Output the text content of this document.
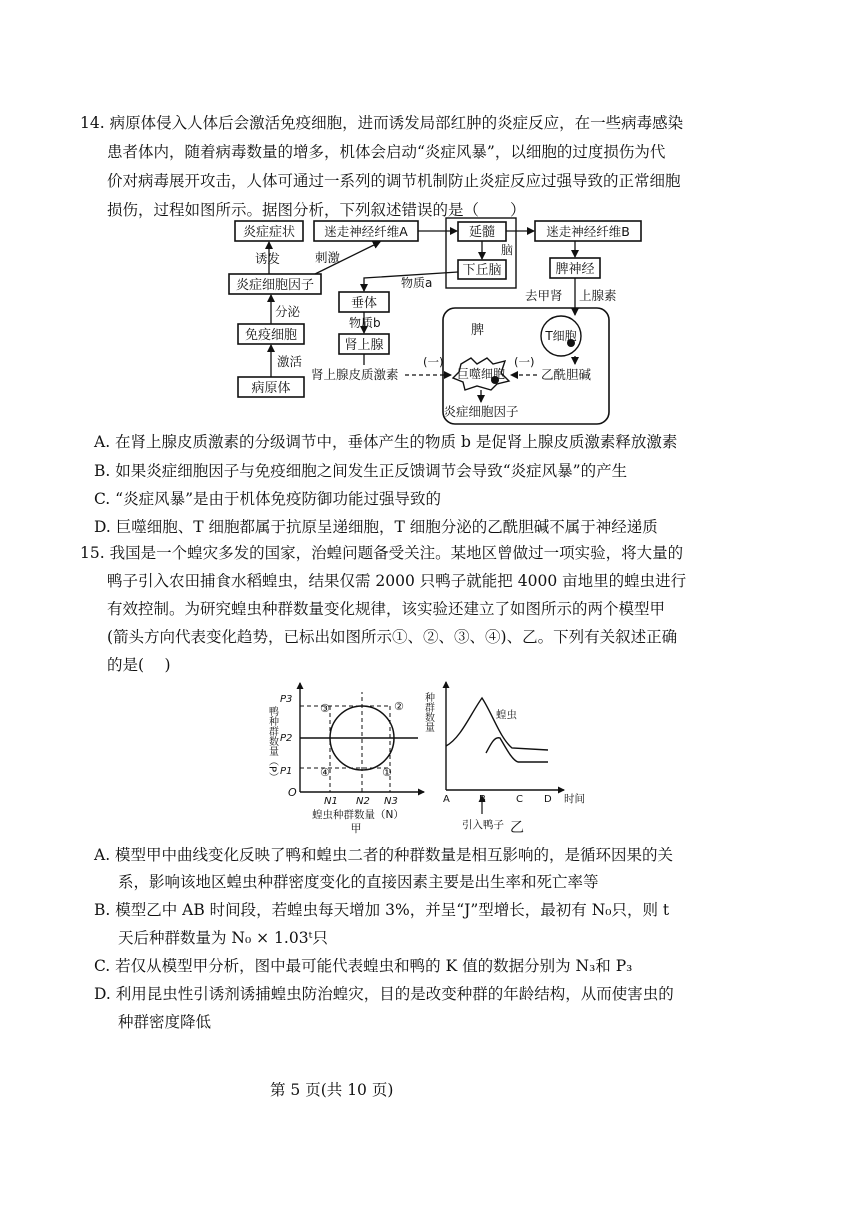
14. 病原体侵入人体后会激活免疫细胞，进而诱发局部红肿的炎症反应，在一些病毒感染
患者体内，随着病毒数量的增多，机体会启动“炎症风暴”，以细胞的过度损伤为代
价对病毒展开攻击，人体可通过一系列的调节机制防止炎症反应过强导致的正常细胞
损伤，过程如图所示。据图分析，下列叙述错误的是（　　）
炎症症状
诱发
炎症细胞因子
分泌
免疫细胞
激活
病原体
刺激
迷走神经纤维A	延髓
脑
下丘脑
迷走神经纤维B
脾神经
去甲肾 上腺素
物质a
垂体
物质b
肾上腺
肾上腺皮质激素
(一)
脾	T细胞
巨噬细胞
(一)
乙酰胆碱
炎症细胞因子
A. 在肾上腺皮质激素的分级调节中，垂体产生的物质 b 是促肾上腺皮质激素释放激素
B. 如果炎症细胞因子与免疫细胞之间发生正反馈调节会导致“炎症风暴”的产生
C. “炎症风暴”是由于机体免疫防御功能过强导致的
D. 巨噬细胞、T 细胞都属于抗原呈递细胞，T 细胞分泌的乙酰胆碱不属于神经递质
15. 我国是一个蝗灾多发的国家，治蝗问题备受关注。某地区曾做过一项实验，将大量的
鸭子引入农田捕食水稻蝗虫，结果仅需 2000 只鸭子就能把 4000 亩地里的蝗虫进行
有效控制。为研究蝗虫种群数量变化规律，该实验还建立了如图所示的两个模型甲
(箭头方向代表变化趋势，已标出如图所示①、②、③、④)、乙。下列有关叙述正确
的是(　 )
鸭种群数量（P）
P3
P2
P1
O
N1 N2 N3
④
②
③
①
蝗虫种群数量（N）
甲
种群数量	蝗虫
A	B	C D 时间
引入鸭子 乙
A. 模型甲中曲线变化反映了鸭和蝗虫二者的种群数量是相互影响的，是循环因果的关
系，影响该地区蝗虫种群密度变化的直接因素主要是出生率和死亡率等
B. 模型乙中 AB 时间段，若蝗虫每天增加 3%，并呈“J”型增长，最初有 N₀只，则 t
天后种群数量为 N₀ × 1.03ᵗ只
C. 若仅从模型甲分析，图中最可能代表蝗虫和鸭的 K 值的数据分别为 N₃和 P₃
D. 利用昆虫性引诱剂诱捕蝗虫防治蝗灾，目的是改变种群的年龄结构，从而使害虫的
种群密度降低
第 5 页(共 10 页)
